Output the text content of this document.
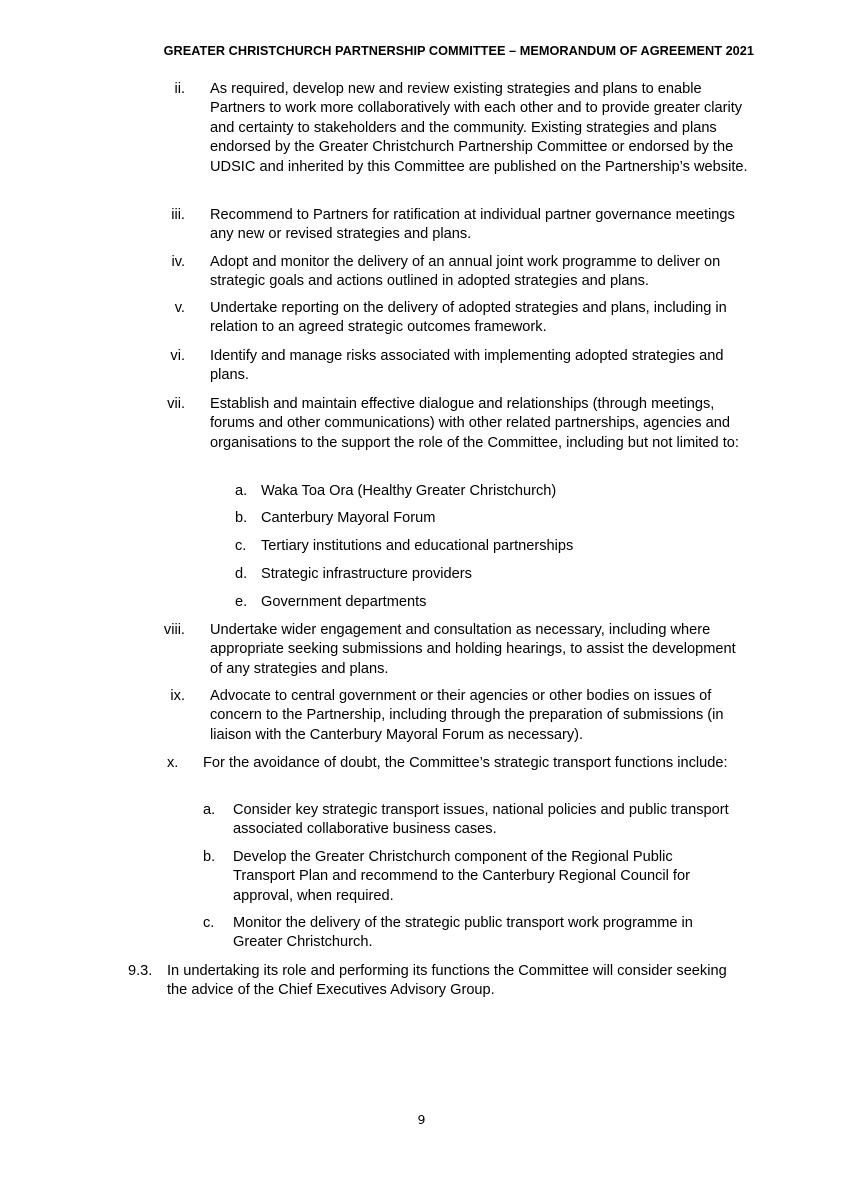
GREATER CHRISTCHURCH PARTNERSHIP COMMITTEE – MEMORANDUM OF AGREEMENT 2021
ii. As required, develop new and review existing strategies and plans to enable Partners to work more collaboratively with each other and to provide greater clarity and certainty to stakeholders and the community. Existing strategies and plans endorsed by the Greater Christchurch Partnership Committee or endorsed by the UDSIC and inherited by this Committee are published on the Partnership’s website.
iii. Recommend to Partners for ratification at individual partner governance meetings any new or revised strategies and plans.
iv. Adopt and monitor the delivery of an annual joint work programme to deliver on strategic goals and actions outlined in adopted strategies and plans.
v. Undertake reporting on the delivery of adopted strategies and plans, including in relation to an agreed strategic outcomes framework.
vi. Identify and manage risks associated with implementing adopted strategies and plans.
vii. Establish and maintain effective dialogue and relationships (through meetings, forums and other communications) with other related partnerships, agencies and organisations to the support the role of the Committee, including but not limited to:
a. Waka Toa Ora (Healthy Greater Christchurch)
b. Canterbury Mayoral Forum
c. Tertiary institutions and educational partnerships
d. Strategic infrastructure providers
e. Government departments
viii. Undertake wider engagement and consultation as necessary, including where appropriate seeking submissions and holding hearings, to assist the development of any strategies and plans.
ix. Advocate to central government or their agencies or other bodies on issues of concern to the Partnership, including through the preparation of submissions (in liaison with the Canterbury Mayoral Forum as necessary).
x. For the avoidance of doubt, the Committee’s strategic transport functions include:
a. Consider key strategic transport issues, national policies and public transport associated collaborative business cases.
b. Develop the Greater Christchurch component of the Regional Public Transport Plan and recommend to the Canterbury Regional Council for approval, when required.
c. Monitor the delivery of the strategic public transport work programme in Greater Christchurch.
9.3. In undertaking its role and performing its functions the Committee will consider seeking the advice of the Chief Executives Advisory Group.
9
